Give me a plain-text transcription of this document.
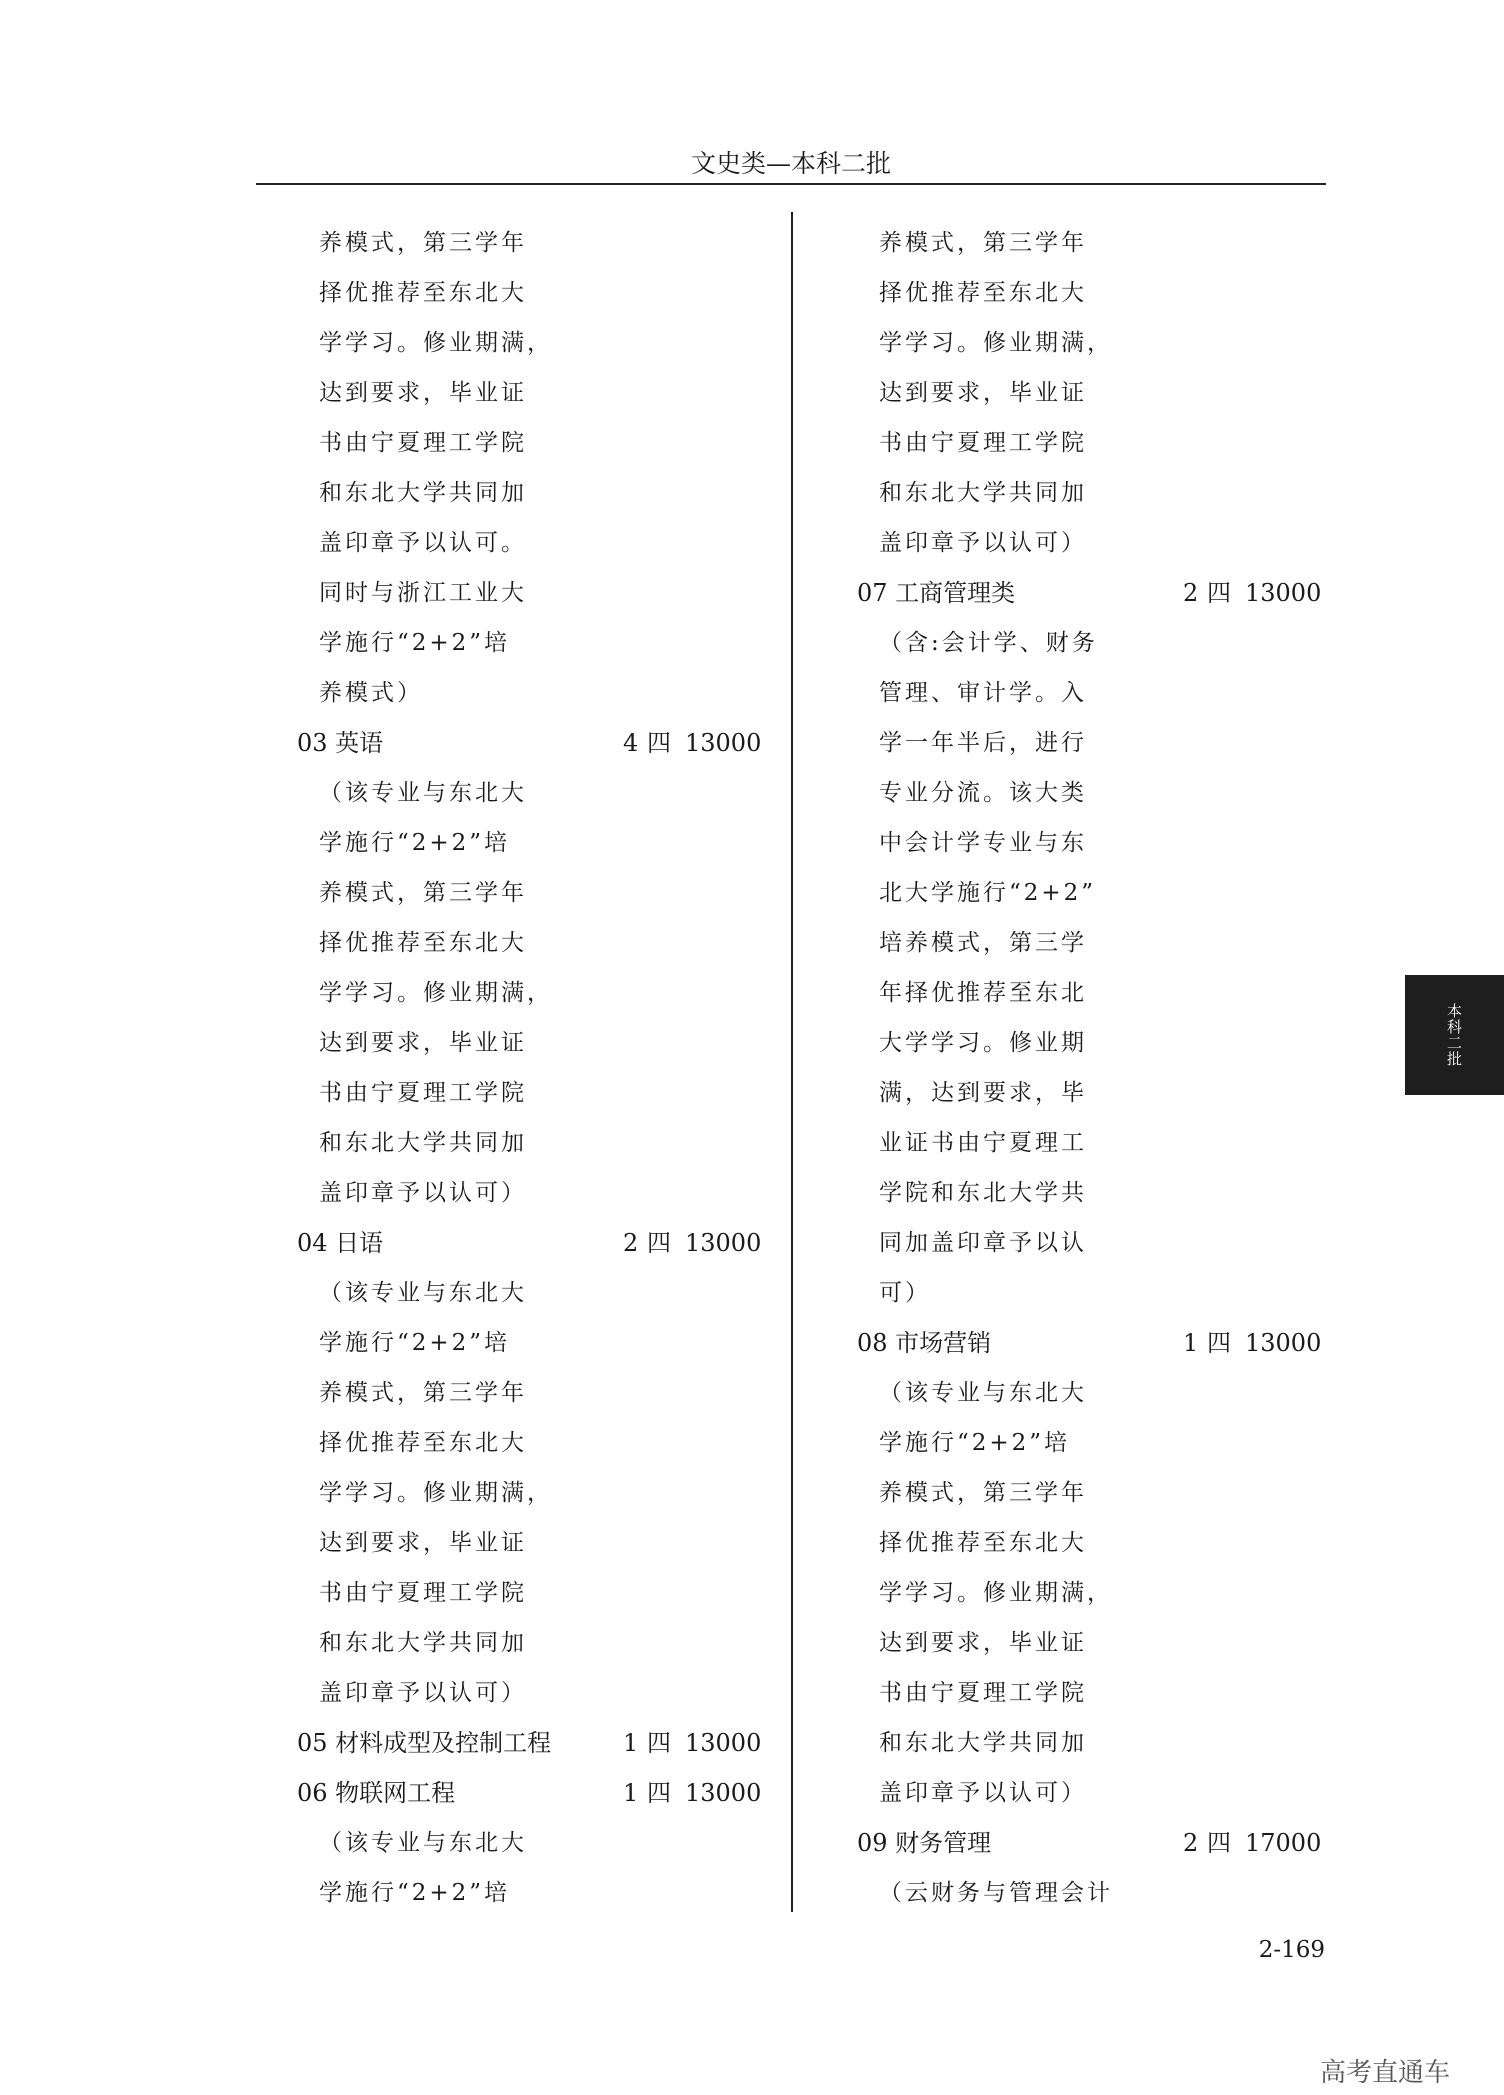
文史类—本科二批
养模式，第三学年
择优推荐至东北大
学学习。修业期满，
达到要求，毕业证
书由宁夏理工学院
和东北大学共同加
盖印章予以认可。
同时与浙江工业大
学施行“2+2”培
养模式）
03 英语	4 四 13000
（该专业与东北大
学施行“2+2”培
养模式，第三学年
择优推荐至东北大
学学习。修业期满，
达到要求，毕业证
书由宁夏理工学院
和东北大学共同加
盖印章予以认可）
04 日语	2 四 13000
（该专业与东北大
学施行“2+2”培
养模式，第三学年
择优推荐至东北大
学学习。修业期满，
达到要求，毕业证
书由宁夏理工学院
和东北大学共同加
盖印章予以认可）
05 材料成型及控制工程	1 四 13000
06 物联网工程	1 四 13000
（该专业与东北大
学施行“2+2”培
养模式，第三学年
择优推荐至东北大
学学习。修业期满，
达到要求，毕业证
书由宁夏理工学院
和东北大学共同加
盖印章予以认可）
07 工商管理类	2 四 13000
（含:会计学、财务
管理、审计学。入
学一年半后，进行
专业分流。该大类
中会计学专业与东
北大学施行“2+2”
培养模式，第三学
年择优推荐至东北
大学学习。修业期
满，达到要求，毕
业证书由宁夏理工
学院和东北大学共
同加盖印章予以认
可）
08 市场营销	1 四 13000
（该专业与东北大
学施行“2+2”培
养模式，第三学年
择优推荐至东北大
学学习。修业期满，
达到要求，毕业证
书由宁夏理工学院
和东北大学共同加
盖印章予以认可）
09 财务管理	2 四 17000
（云财务与管理会计
本科二批
2-169
高考直通车
